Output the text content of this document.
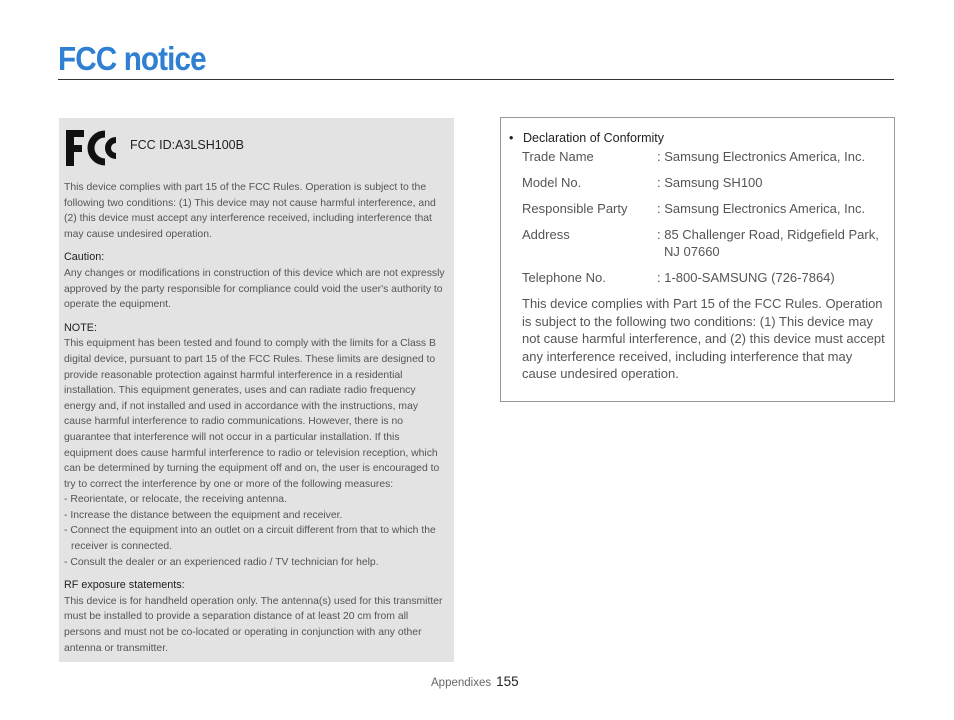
FCC notice
FCC ID:A3LSH100B

This device complies with part 15 of the FCC Rules. Operation is subject to the following two conditions: (1) This device may not cause harmful interference, and (2) this device must accept any interference received, including interference that may cause undesired operation.

Caution:

Any changes or modifications in construction of this device which are not expressly approved by the party responsible for compliance could void the user's authority to operate the equipment.

NOTE:

This equipment has been tested and found to comply with the limits for a Class B digital device, pursuant to part 15 of the FCC Rules. These limits are designed to provide reasonable protection against harmful interference in a residential installation. This equipment generates, uses and can radiate radio frequency energy and, if not installed and used in accordance with the instructions, may cause harmful interference to radio communications. However, there is no guarantee that interference will not occur in a particular installation. If this equipment does cause harmful interference to radio or television reception, which can be determined by turning the equipment off and on, the user is encouraged to try to correct the interference by one or more of the following measures:

- Reorientate, or relocate, the receiving antenna.
- Increase the distance between the equipment and receiver.
- Connect the equipment into an outlet on a circuit different from that to which the receiver is connected.
- Consult the dealer or an experienced radio / TV technician for help.
RF exposure statements:

This device is for handheld operation only. The antenna(s) used for this transmitter must be installed to provide a separation distance of at least 20 cm from all persons and must not be co-located or operating in conjunction with any other antenna or transmitter.

• Declaration of Conformity
Trade Name	: Samsung Electronics America, Inc.
Model No.	: Samsung SH100
Responsible Party	: Samsung Electronics America, Inc.
Address	: 85 Challenger Road, Ridgefield Park,
NJ 07660
Telephone No.	: 1-800-SAMSUNG (726-7864)

This device complies with Part 15 of the FCC Rules. Operation is subject to the following two conditions: (1) This device may not cause harmful interference, and (2) this device must accept any interference received, including interference that may cause undesired operation.

Appendixes 155
